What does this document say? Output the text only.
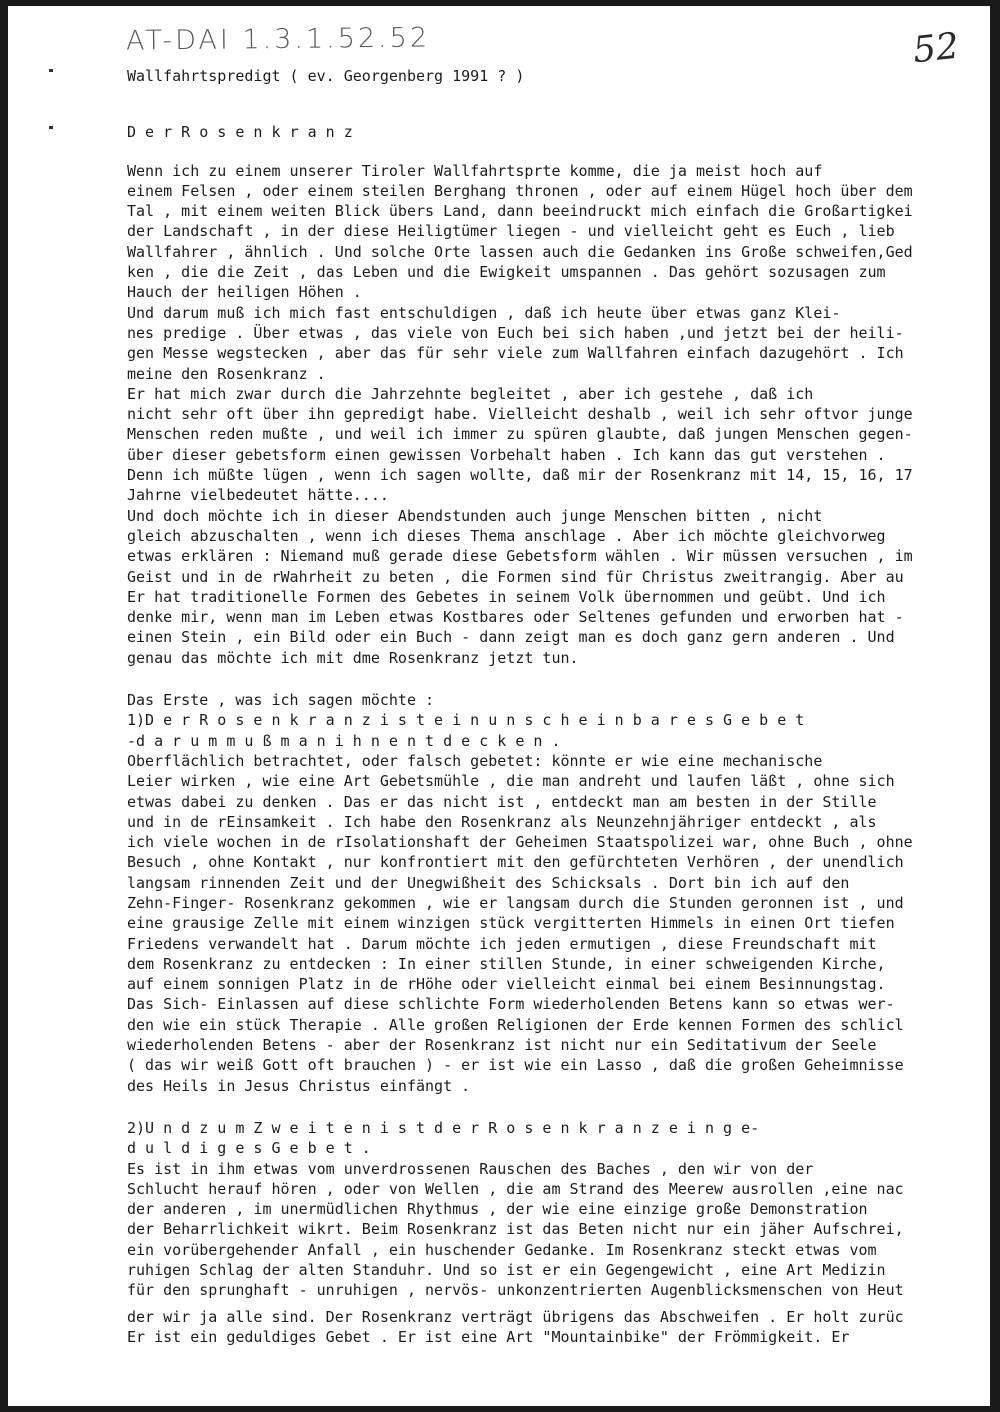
AT-DAI 1.3.1.52.52	52
Wallfahrtspredigt ( ev. Georgenberg 1991 ? )
D e r R o s e n k r a n z
Wenn ich zu einem unserer Tiroler Wallfahrtsprte komme, die ja meist hoch auf
einem Felsen , oder einem steilen Berghang thronen , oder auf einem Hügel hoch über dem
Tal , mit einem weiten Blick übers Land, dann beeindruckt mich einfach die Großartigkei
der Landschaft , in der diese Heiligtümer liegen - und vielleicht geht es Euch , lieb
Wallfahrer , ähnlich . Und solche Orte lassen auch die Gedanken ins Große schweifen,Ged
ken , die die Zeit , das Leben und die Ewigkeit umspannen . Das gehört sozusagen zum
Hauch der heiligen Höhen .
Und darum muß ich mich fast entschuldigen , daß ich heute über etwas ganz Klei-
nes predige . Über etwas , das viele von Euch bei sich haben ,und jetzt bei der heili-
gen Messe wegstecken , aber das für sehr viele zum Wallfahren einfach dazugehört . Ich
meine den Rosenkranz .
Er hat mich zwar durch die Jahrzehnte begleitet , aber ich gestehe , daß ich
nicht sehr oft über ihn gepredigt habe. Vielleicht deshalb , weil ich sehr oftvor junge
Menschen reden mußte , und weil ich immer zu spüren glaubte, daß jungen Menschen gegen-
über dieser gebetsform einen gewissen Vorbehalt haben . Ich kann das gut verstehen .
Denn ich müßte lügen , wenn ich sagen wollte, daß mir der Rosenkranz mit 14, 15, 16, 17
Jahrne vielbedeutet hätte....
Und doch möchte ich in dieser Abendstunden auch junge Menschen bitten , nicht
gleich abzuschalten , wenn ich dieses Thema anschlage . Aber ich möchte gleichvorweg
etwas erklären : Niemand muß gerade diese Gebetsform wählen . Wir müssen versuchen , im
Geist und in de rWahrheit zu beten , die Formen sind für Christus zweitrangig. Aber au
Er hat traditionelle Formen des Gebetes in seinem Volk übernommen und geübt. Und ich
denke mir, wenn man im Leben etwas Kostbares oder Seltenes gefunden und erworben hat -
einen Stein , ein Bild oder ein Buch - dann zeigt man es doch ganz gern anderen . Und
genau das möchte ich mit dme Rosenkranz jetzt tun.
Das Erste , was ich sagen möchte :
1)D e r R o s e n k r a n z i s t e i n u n s c h e i n b a r e s G e b e t
-d a r u m m u ß m a n i h n e n t d e c k e n .
Oberflächlich betrachtet, oder falsch gebetet: könnte er wie eine mechanische
Leier wirken , wie eine Art Gebetsmühle , die man andreht und laufen läßt , ohne sich
etwas dabei zu denken . Das er das nicht ist , entdeckt man am besten in der Stille
und in de rEinsamkeit . Ich habe den Rosenkranz als Neunzehnjähriger entdeckt , als
ich viele wochen in de rIsolationshaft der Geheimen Staatspolizei war, ohne Buch , ohne
Besuch , ohne Kontakt , nur konfrontiert mit den gefürchteten Verhören , der unendlich
langsam rinnenden Zeit und der Unegwißheit des Schicksals . Dort bin ich auf den
Zehn-Finger- Rosenkranz gekommen , wie er langsam durch die Stunden geronnen ist , und
eine grausige Zelle mit einem winzigen stück vergitterten Himmels in einen Ort tiefen
Friedens verwandelt hat . Darum möchte ich jeden ermutigen , diese Freundschaft mit
dem Rosenkranz zu entdecken : In einer stillen Stunde, in einer schweigenden Kirche,
auf einem sonnigen Platz in de rHöhe oder vielleicht einmal bei einem Besinnungstag.
Das Sich- Einlassen auf diese schlichte Form wiederholenden Betens kann so etwas wer-
den wie ein stück Therapie . Alle großen Religionen der Erde kennen Formen des schlicl
wiederholenden Betens - aber der Rosenkranz ist nicht nur ein Seditativum der Seele
( das wir weiß Gott oft brauchen ) - er ist wie ein Lasso , daß die großen Geheimnisse
des Heils in Jesus Christus einfängt .
2)U n d z u m Z w e i t e n i s t d e r R o s e n k r a n z e i n g e-
d u l d i g e s G e b e t .
Es ist in ihm etwas vom unverdrossenen Rauschen des Baches , den wir von der
Schlucht herauf hören , oder von Wellen , die am Strand des Meerew ausrollen ,eine nac
der anderen , im unermüdlichen Rhythmus , der wie eine einzige große Demonstration
der Beharrlichkeit wikrt. Beim Rosenkranz ist das Beten nicht nur ein jäher Aufschrei,
ein vorübergehender Anfall , ein huschender Gedanke. Im Rosenkranz steckt etwas vom
ruhigen Schlag der alten Standuhr. Und so ist er ein Gegengewicht , eine Art Medizin
für den sprunghaft - unruhigen , nervös- unkonzentrierten Augenblicksmenschen von Heut
der wir ja alle sind. Der Rosenkranz verträgt übrigens das Abschweifen . Er holt zurüc
Er ist ein geduldiges Gebet . Er ist eine Art "Mountainbike" der Frömmigkeit. Er
